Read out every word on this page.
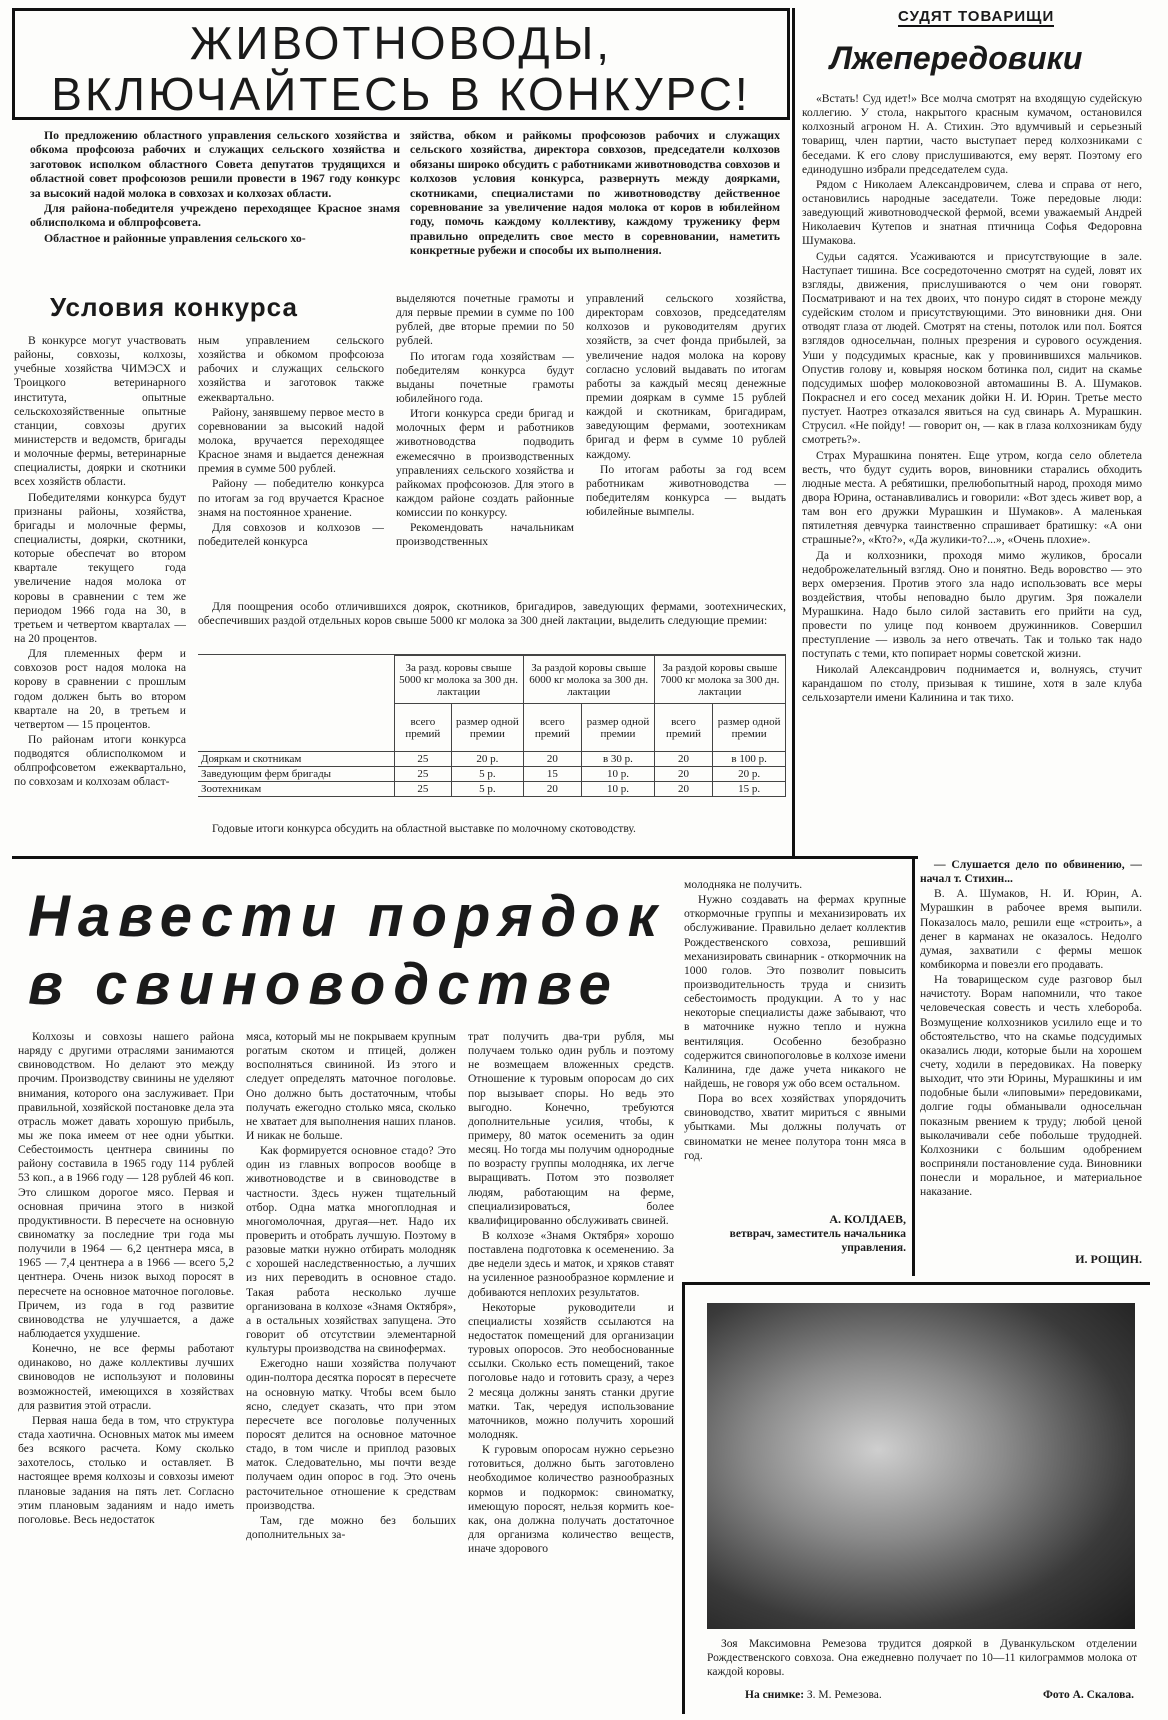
ЖИВОТНОВОДЫ,
ВКЛЮЧАЙТЕСЬ В КОНКУРС!

По предложению областного управления сельского хозяйства и обкома профсоюза рабочих и служащих сельского хозяйства и заготовок исполком областного Совета депутатов трудящихся и областной совет профсоюзов решили провести в 1967 году конкурс за высокий надой молока в совхозах и колхозах области.

Для района-победителя учреждено переходящее Красное знамя облисполкома и облпрофсовета.

Областное и районные управления сельского хо-

зяйства, обком и райкомы профсоюзов рабочих и служащих сельского хозяйства, директора совхозов, председатели колхозов обязаны широко обсудить с работниками животноводства совхозов и колхозов условия конкурса, развернуть между доярками, скотниками, специалистами по животноводству действенное соревнование за увеличение надоя молока от коров в юбилейном году, помочь каждому коллективу, каждому труженику ферм правильно определить свое место в соревновании, наметить конкретные рубежи и способы их выполнения.

Условия конкурса

В конкурсе могут участвовать районы, совхозы, колхозы, учебные хозяйства ЧИМЭСХ и Троицкого ветеринарного института, опытные сельскохозяйственные опытные станции, совхозы других министерств и ведомств, бригады и молочные фермы, ветеринарные специалисты, доярки и скотники всех хозяйств области.

Победителями конкурса будут признаны районы, хозяйства, бригады и молочные фермы, специалисты, доярки, скотники, которые обеспечат во втором квартале текущего года увеличение надоя молока от коровы в сравнении с тем же периодом 1966 года на 30, в третьем и четвертом кварталах — на 20 процентов.

Для племенных ферм и совхозов рост надоя молока на корову в сравнении с прошлым годом должен быть во втором квартале на 20, в третьем и четвертом — 15 процентов.

По районам итоги конкурса подводятся облисполкомом и облпрофсоветом ежеквартально, по совхозам и колхозам област-

ным управлением сельского хозяйства и обкомом профсоюза рабочих и служащих сельского хозяйства и заготовок также ежеквартально.

Району, занявшему первое место в соревновании за высокий надой молока, вручается переходящее Красное знамя и выдается денежная премия в сумме 500 рублей.

Району — победителю конкурса по итогам за год вручается Красное знамя на постоянное хранение.

Для совхозов и колхозов — победителей конкурса

выделяются почетные грамоты и для первые премии в сумме по 100 рублей, две вторые премии по 50 рублей.

По итогам года хозяйствам — победителям конкурса будут выданы почетные грамоты юбилейного года.

Итоги конкурса среди бригад и молочных ферм и работников животноводства подводить ежемесячно в производственных управлениях сельского хозяйства и райкомах профсоюзов. Для этого в каждом районе создать районные комиссии по конкурсу.

Рекомендовать начальникам производственных

управлений сельского хозяйства, директорам совхозов, председателям колхозов и руководителям других хозяйств, за счет фонда прибылей, за увеличение надоя молока на корову согласно условий выдавать по итогам работы за каждый месяц денежные премии дояркам в сумме 15 рублей каждой и скотникам, бригадирам, заведующим фермами, зоотехникам бригад и ферм в сумме 10 рублей каждому.

По итогам работы за год всем работникам животноводства — победителям конкурса — выдать юбилейные вымпелы.

Для поощрения особо отличившихся доярок, скотников, бригадиров, заведующих фермами, зоотехнических, обеспечивших раздой отдельных коров свыше 5000 кг молока за 300 дней лактации, выделить следующие премии:

	За разд. коровы свыше 5000 кг молока за 300 дн. лактации		За раздой коровы свыше 6000 кг молока за 300 дн. лактации		За раздой коровы свыше 7000 кг молока за 300 дн. лактации	
	всего премий	размер одной премии	всего премий	размер одной премии	всего премий	размер одной премии
Дояркам и скотникам	25	20 р.	20	в 30 р.	20	в 100 р.
Заведующим ферм бригады	25	5 р.	15	10 р.	20	20 р.
Зоотехникам	25	5 р.	20	10 р.	20	15 р.

Годовые итоги конкурса обсудить на областной выставке по молочному скотоводству.

СУДЯТ ТОВАРИЩИ
Лжепередовики

«Встать! Суд идет!» Все молча смотрят на входящую судейскую коллегию. У стола, накрытого красным кумачом, остановился колхозный агроном Н. А. Стихин. Это вдумчивый и серьезный товарищ, член партии, часто выступает перед колхозниками с беседами. К его слову прислушиваются, ему верят. Поэтому его единодушно избрали председателем суда.

Рядом с Николаем Александровичем, слева и справа от него, остановились народные заседатели. Тоже передовые люди: заведующий животноводческой фермой, всеми уважаемый Андрей Николаевич Кутепов и знатная птичница Софья Федоровна Шумакова.

Судьи садятся. Усаживаются и присутствующие в зале. Наступает тишина. Все сосредоточенно смотрят на судей, ловят их взгляды, движения, прислушиваются о чем они говорят. Посматривают и на тех двоих, что понуро сидят в стороне между судейским столом и присутствующими. Это виновники дня. Они отводят глаза от людей. Смотрят на стены, потолок или пол. Боятся взглядов односельчан, полных презрения и сурового осуждения. Уши у подсудимых красные, как у провинившихся мальчиков. Опустив голову и, ковыряя носком ботинка пол, сидит на скамье подсудимых шофер молоковозной автомашины В. А. Шумаков. Покраснел и его сосед механик дойки Н. И. Юрин. Третье место пустует. Наотрез отказался явиться на суд свинарь А. Мурашкин. Струсил. «Не пойду! — говорит он, — как в глаза колхозникам буду смотреть?».

Страх Мурашкина понятен. Еще утром, когда село облетела весть, что будут судить воров, виновники старались обходить людные места. А ребятишки, прелюбопытный народ, проходя мимо двора Юрина, останавливались и говорили: «Вот здесь живет вор, а там вон его дружки Мурашкин и Шумаков». А маленькая пятилетняя девчурка таинственно спрашивает братишку: «А они страшные?», «Кто?», «Да жулики-то?...», «Очень плохие».

Да и колхозники, проходя мимо жуликов, бросали недоброжелательный взгляд. Оно и понятно. Ведь воровство — это верх омерзения. Против этого зла надо использовать все меры воздействия, чтобы неповадно было другим. Зря пожалели Мурашкина. Надо было силой заставить его прийти на суд, провести по улице под конвоем дружинников. Совершил преступление — изволь за него отвечать. Так и только так надо поступать с теми, кто попирает нормы советской жизни.

Николай Александрович поднимается и, волнуясь, стучит карандашом по столу, призывая к тишине, хотя в зале клуба сельхозартели имени Калинина и так тихо.

— Слушается дело по обвинению, — начал т. Стихин...

В. А. Шумаков, Н. И. Юрин, А. Мурашкин в рабочее время выпили. Показалось мало, решили еще «строить», а денег в карманах не оказалось. Недолго думая, захватили с фермы мешок комбикорма и повезли его продавать.

На товарищеском суде разговор был начистоту. Ворам напомнили, что такое человеческая совесть и честь хлебороба. Возмущение колхозников усилило еще и то обстоятельство, что на скамье подсудимых оказались люди, которые были на хорошем счету, ходили в передовиках. На поверку выходит, что эти Юрины, Мурашкины и им подобные были «липовыми» передовиками, долгие годы обманывали односельчан показным рвением к труду; любой ценой выколачивали себе побольше трудодней. Колхозники с большим одобрением восприняли постановление суда. Виновники понесли и моральное, и материальное наказание.

И. РОЩИН.
Навести порядок
в свиноводстве

Колхозы и совхозы нашего района наряду с другими отраслями занимаются свиноводством. Но делают это между прочим. Производству свинины не уделяют внимания, которого она заслуживает. При правильной, хозяйской постановке дела эта отрасль может давать хорошую прибыль, мы же пока имеем от нее одни убытки. Себестоимость центнера свинины по району составила в 1965 году 114 рублей 53 коп., а в 1966 году — 128 рублей 46 коп. Это слишком дорогое мясо. Первая и основная причина этого в низкой продуктивности. В пересчете на основную свиноматку за последние три года мы получили в 1964 — 6,2 центнера мяса, в 1965 — 7,4 центнера а в 1966 — всего 5,2 центнера. Очень низок выход поросят в пересчете на основное маточное поголовье. Причем, из года в год развитие свиноводства не улучшается, а даже наблюдается ухудшение.

Конечно, не все фермы работают одинаково, но даже коллективы лучших свиноводов не используют и половины возможностей, имеющихся в хозяйствах для развития этой отрасли.

Первая наша беда в том, что структура стада хаотична. Основных маток мы имеем без всякого расчета. Кому сколько захотелось, столько и оставляет. В настоящее время колхозы и совхозы имеют плановые задания на пять лет. Согласно этим плановым заданиям и надо иметь поголовье. Весь недостаток

мяса, который мы не покрываем крупным рогатым скотом и птицей, должен восполняться свининой. Из этого и следует определять маточное поголовье. Оно должно быть достаточным, чтобы получать ежегодно столько мяса, сколько не хватает для выполнения наших планов. И никак не больше.

Как формируется основное стадо? Это один из главных вопросов вообще в животноводстве и в свиноводстве в частности. Здесь нужен тщательный отбор. Одна матка многоплодная и многомолочная, другая—нет. Надо их проверить и отобрать лучшую. Поэтому в разовые матки нужно отбирать молодняк с хорошей наследственностью, а лучших из них переводить в основное стадо. Такая работа несколько лучше организована в колхозе «Знамя Октября», а в остальных хозяйствах запущена. Это говорит об отсутствии элементарной культуры производства на свинофермах.

Ежегодно наши хозяйства получают один-полтора десятка поросят в пересчете на основную матку. Чтобы всем было ясно, следует сказать, что при этом пересчете все поголовье полученных поросят делится на основное маточное стадо, в том числе и приплод разовых маток. Следовательно, мы почти везде получаем один опорос в год. Это очень расточительное отношение к средствам производства.

Там, где можно без больших дополнительных за-

трат получить два-три рубля, мы получаем только один рубль и поэтому не возмещаем вложенных средств. Отношение к туровым опоросам до сих пор вызывает споры. Но ведь это выгодно. Конечно, требуются дополнительные усилия, чтобы, к примеру, 80 маток осеменить за один месяц. Но тогда мы получим однородные по возрасту группы молодняка, их легче выращивать. Потом это позволяет людям, работающим на ферме, специализироваться, более квалифицированно обслуживать свиней.

В колхозе «Знамя Октября» хорошо поставлена подготовка к осеменению. За две недели здесь и маток, и хряков ставят на усиленное разнообразное кормление и добиваются неплохих результатов.

Некоторые руководители и специалисты хозяйств ссылаются на недостаток помещений для организации туровых опоросов. Это необоснованные ссылки. Сколько есть помещений, такое поголовье надо и готовить сразу, а через 2 месяца должны занять станки другие матки. Так, чередуя использование маточников, можно получить хороший молодняк.

К гуровым опоросам нужно серьезно готовиться, должно быть заготовлено необходимое количество разнообразных кормов и подкормок: свиноматку, имеющую поросят, нельзя кормить кое-как, она должна получать достаточное для организма количество веществ, иначе здорового

молодняка не получить.

Нужно создавать на фермах крупные откормочные группы и механизировать их обслуживание. Правильно делает коллектив Рождественского совхоза, решивший механизировать свинарник - откормочник на 1000 голов. Это позволит повысить производительность труда и снизить себестоимость продукции. А то у нас некоторые специалисты даже забывают, что в маточнике нужно тепло и нужна вентиляция. Особенно безобразно содержится свинопоголовье в колхозе имени Калинина, где даже учета никакого не найдешь, не говоря уж обо всем остальном.

Пора во всех хозяйствах упорядочить свиноводство, хватит мириться с явными убытками. Мы должны получать от свиноматки не менее полутора тонн мяса в год.

А. КОЛДАЕВ,
ветврач, заместитель начальника управления.

Зоя Максимовна Ремезова трудится дояркой в Дуванкульском отделении Рождественского совхоза. Она ежедневно получает по 10—11 килограммов молока от каждой коровы.

На снимке: З. М. Ремезова.	Фото А. Скалова.
